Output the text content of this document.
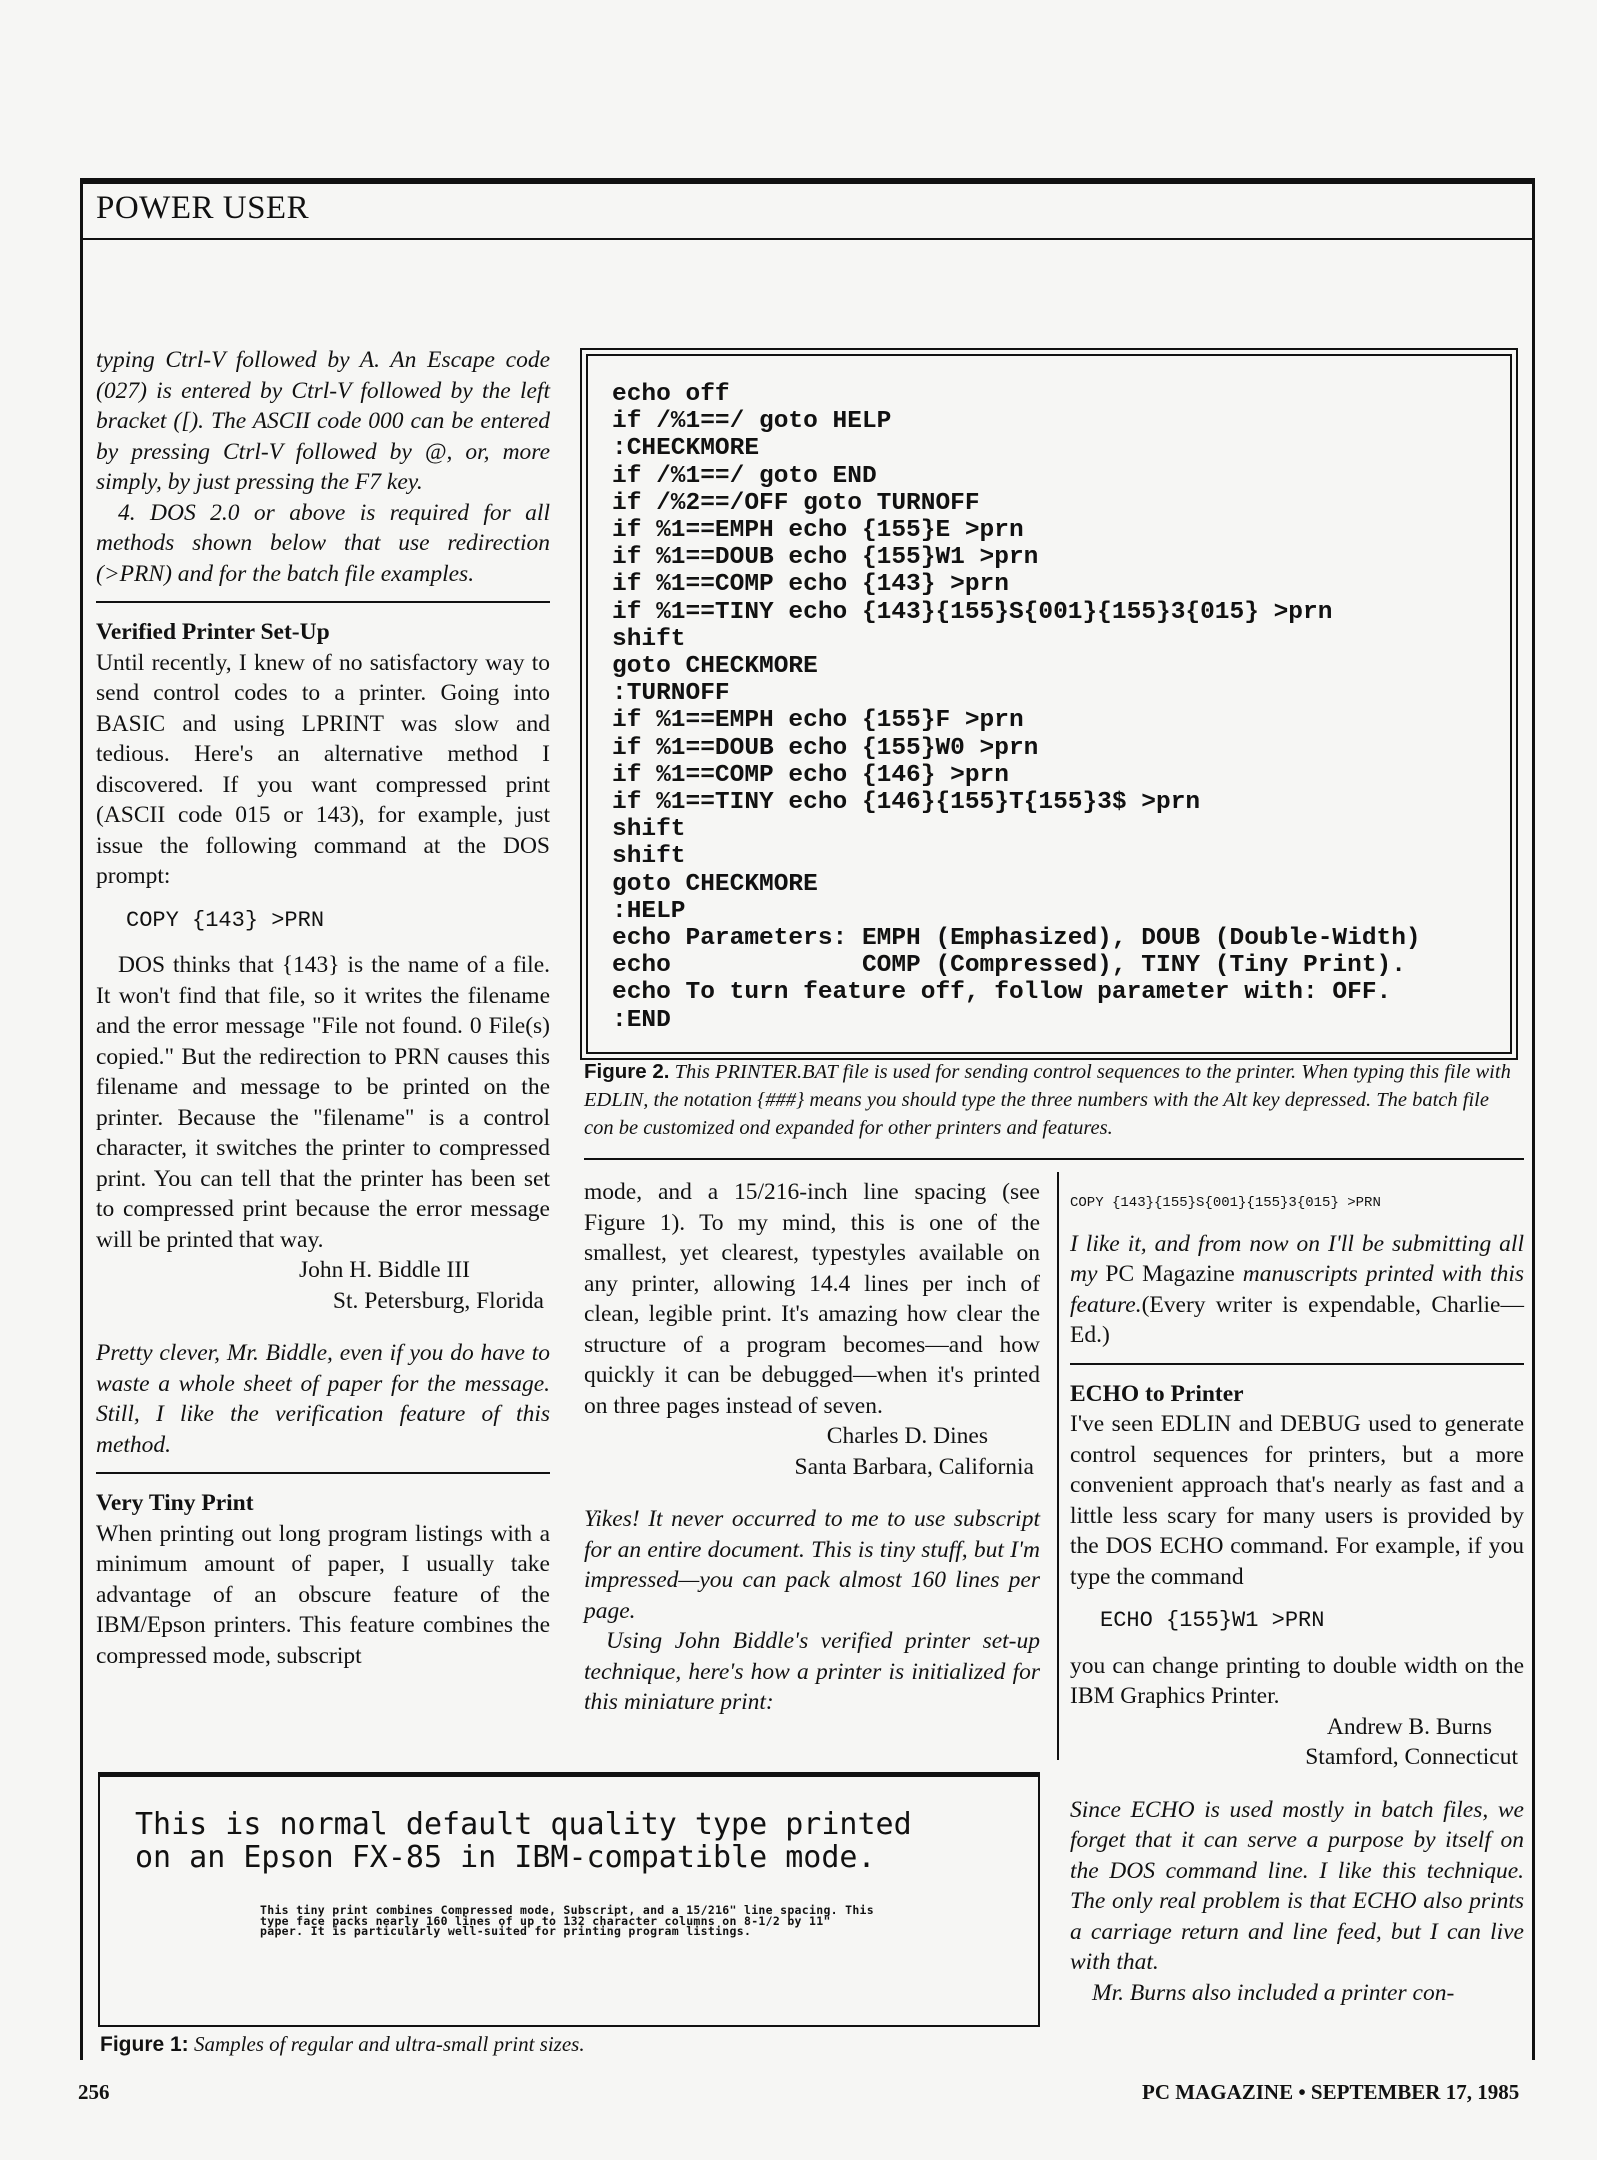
POWER USER

typing Ctrl-V followed by A. An Escape code (027) is entered by Ctrl-V followed by the left bracket ([). The ASCII code 000 can be entered by pressing Ctrl-V followed by @, or, more simply, by just pressing the F7 key.

4. DOS 2.0 or above is required for all methods shown below that use redirection (>PRN) and for the batch file examples.

Verified Printer Set-Up

Until recently, I knew of no satisfactory way to send control codes to a printer. Going into BASIC and using LPRINT was slow and tedious. Here's an alternative method I discovered. If you want compressed print (ASCII code 015 or 143), for example, just issue the following command at the DOS prompt:

COPY {143} >PRN

DOS thinks that {143} is the name of a file. It won't find that file, so it writes the filename and the error message "File not found. 0 File(s) copied." But the redirection to PRN causes this filename and message to be printed on the printer. Because the "filename" is a control character, it switches the printer to compressed print. You can tell that the printer has been set to compressed print because the error message will be printed that way.

John H. Biddle III

St. Petersburg, Florida

Pretty clever, Mr. Biddle, even if you do have to waste a whole sheet of paper for the message. Still, I like the verification feature of this method.

Very Tiny Print

When printing out long program listings with a minimum amount of paper, I usually take advantage of an obscure feature of the IBM/Epson printers. This feature combines the compressed mode, subscript

echo off
if /%1==/ goto HELP
:CHECKMORE
if /%1==/ goto END
if /%2==/OFF goto TURNOFF
if %1==EMPH echo {155}E >prn
if %1==DOUB echo {155}W1 >prn
if %1==COMP echo {143} >prn
if %1==TINY echo {143}{155}S{001}{155}3{015} >prn
shift
goto CHECKMORE
:TURNOFF
if %1==EMPH echo {155}F >prn
if %1==DOUB echo {155}W0 >prn
if %1==COMP echo {146} >prn
if %1==TINY echo {146}{155}T{155}3$ >prn
shift
shift
goto CHECKMORE
:HELP
echo Parameters: EMPH (Emphasized), DOUB (Double-Width)
echo             COMP (Compressed), TINY (Tiny Print).
echo To turn feature off, follow parameter with: OFF.
:END
Figure 2. This PRINTER.BAT file is used for sending control sequences to the printer. When typing this file with EDLIN, the notation {###} means you should type the three numbers with the Alt key depressed. The batch file con be customized ond expanded for other printers and features.

mode, and a 15/216-inch line spacing (see Figure 1). To my mind, this is one of the smallest, yet clearest, typestyles available on any printer, allowing 14.4 lines per inch of clean, legible print. It's amazing how clear the structure of a program becomes—and how quickly it can be debugged—when it's printed on three pages instead of seven.

Charles D. Dines

Santa Barbara, California

Yikes! It never occurred to me to use subscript for an entire document. This is tiny stuff, but I'm impressed—you can pack almost 160 lines per page.

Using John Biddle's verified printer set-up technique, here's how a printer is initialized for this miniature print:

COPY {143}{155}S{001}{155}3{015} >PRN

I like it, and from now on I'll be submitting all my PC Magazine manuscripts printed with this feature.(Every writer is expendable, Charlie—Ed.)

ECHO to Printer

I've seen EDLIN and DEBUG used to generate control sequences for printers, but a more convenient approach that's nearly as fast and a little less scary for many users is provided by the DOS ECHO command. For example, if you type the command

ECHO {155}W1 >PRN

you can change printing to double width on the IBM Graphics Printer.

Andrew B. Burns

Stamford, Connecticut

Since ECHO is used mostly in batch files, we forget that it can serve a purpose by itself on the DOS command line. I like this technique. The only real problem is that ECHO also prints a carriage return and line feed, but I can live with that.

Mr. Burns also included a printer con-

This is normal default quality type printed
on an Epson FX-85 in IBM-compatible mode.
This tiny print combines Compressed mode, Subscript, and a 15/216" line spacing. This type face packs nearly 160 lines of up to 132 character columns on 8-1/2 by 11" paper. It is particularly well-suited for printing program listings.
Figure 1: Samples of regular and ultra-small print sizes.
256	PC MAGAZINE • SEPTEMBER 17, 1985
